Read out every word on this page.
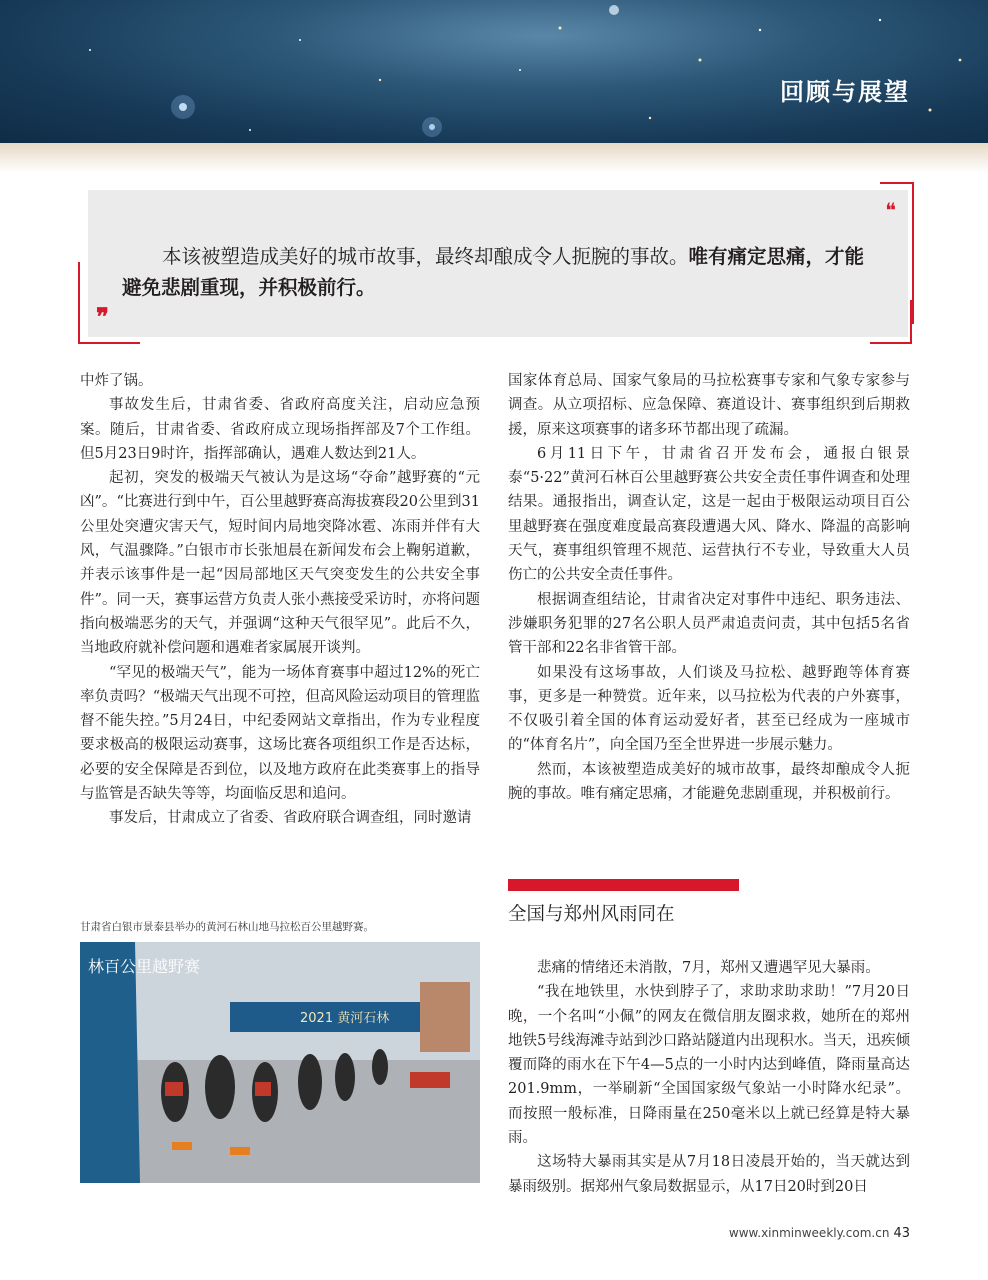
回顾与展望
❝
❞
本该被塑造成美好的城市故事，最终却酿成令人扼腕的事故。唯有痛定思痛，才能避免悲剧重现，并积极前行。

中炸了锅。

事故发生后，甘肃省委、省政府高度关注，启动应急预案。随后，甘肃省委、省政府成立现场指挥部及7个工作组。但5月23日9时许，指挥部确认，遇难人数达到21人。

起初，突发的极端天气被认为是这场“夺命”越野赛的“元凶”。“比赛进行到中午，百公里越野赛高海拔赛段20公里到31公里处突遭灾害天气，短时间内局地突降冰雹、冻雨并伴有大风，气温骤降。”白银市市长张旭晨在新闻发布会上鞠躬道歉，并表示该事件是一起“因局部地区天气突变发生的公共安全事件”。同一天，赛事运营方负责人张小燕接受采访时，亦将问题指向极端恶劣的天气，并强调“这种天气很罕见”。此后不久，当地政府就补偿问题和遇难者家属展开谈判。

“罕见的极端天气”，能为一场体育赛事中超过12%的死亡率负责吗？“极端天气出现不可控，但高风险运动项目的管理监督不能失控。”5月24日，中纪委网站文章指出，作为专业程度要求极高的极限运动赛事，这场比赛各项组织工作是否达标，必要的安全保障是否到位，以及地方政府在此类赛事上的指导与监管是否缺失等等，均面临反思和追问。

事发后，甘肃成立了省委、省政府联合调查组，同时邀请

国家体育总局、国家气象局的马拉松赛事专家和气象专家参与调查。从立项招标、应急保障、赛道设计、赛事组织到后期救援，原来这项赛事的诸多环节都出现了疏漏。

6月11日下午，甘肃省召开发布会，通报白银景泰“5·22”黄河石林百公里越野赛公共安全责任事件调查和处理结果。通报指出，调查认定，这是一起由于极限运动项目百公里越野赛在强度难度最高赛段遭遇大风、降水、降温的高影响天气，赛事组织管理不规范、运营执行不专业，导致重大人员伤亡的公共安全责任事件。

根据调查组结论，甘肃省决定对事件中违纪、职务违法、涉嫌职务犯罪的27名公职人员严肃追责问责，其中包括5名省管干部和22名非省管干部。

如果没有这场事故，人们谈及马拉松、越野跑等体育赛事，更多是一种赞赏。近年来，以马拉松为代表的户外赛事，不仅吸引着全国的体育运动爱好者，甚至已经成为一座城市的“体育名片”，向全国乃至全世界进一步展示魅力。

然而，本该被塑造成美好的城市故事，最终却酿成令人扼腕的事故。唯有痛定思痛，才能避免悲剧重现，并积极前行。

全国与郑州风雨同在

悲痛的情绪还未消散，7月，郑州又遭遇罕见大暴雨。

“我在地铁里，水快到脖子了，求助求助求助！”7月20日晚，一个名叫“小佩”的网友在微信朋友圈求救，她所在的郑州地铁5号线海滩寺站到沙口路站隧道内出现积水。当天，迅疾倾覆而降的雨水在下午4—5点的一小时内达到峰值，降雨量高达201.9mm，一举刷新“全国国家级气象站一小时降水纪录”。而按照一般标准，日降雨量在250毫米以上就已经算是特大暴雨。

这场特大暴雨其实是从7月18日凌晨开始的，当天就达到暴雨级别。据郑州气象局数据显示，从17日20时到20日

甘肃省白银市景泰县举办的黄河石林山地马拉松百公里越野赛。
林百公里越野赛
2021 黄河石林
www.xinminweekly.com.cn 43
